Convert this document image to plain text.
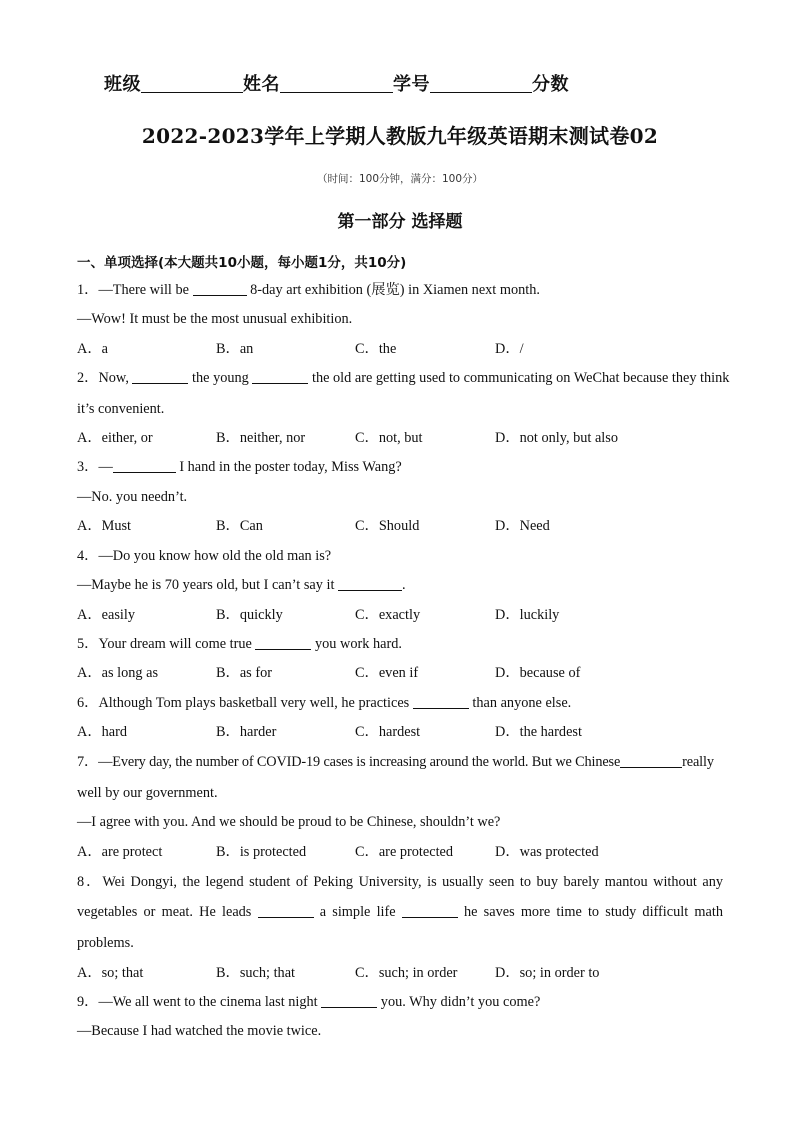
班级	姓名	学号	分数
2022-2023学年上学期人教版九年级英语期末测试卷02
（时间：100分钟，满分：100分）
第一部分 选择题
一、单项选择(本大题共10小题，每小题1分，共10分)
1．—There will be	8-day art exhibition (展览) in Xiamen next month.
—Wow! It must be the most unusual exhibition.
A．a	B．an	C．the	D．/
2．Now,	the young	the old are getting used to communicating on WeChat because they think
it’s convenient.
A．either, or	B．neither, nor	C．not, but	D．not only, but also
3．—	I hand in the poster today, Miss Wang?
—No. you needn’t.
A．Must	B．Can	C．Should	D．Need
4．—Do you know how old the old man is?
—Maybe he is 70 years old, but I can’t say it	.
A．easily	B．quickly	C．exactly	D．luckily
5．Your dream will come true	you work hard.
A．as long as	B．as for	C．even if	D．because of
6．Although Tom plays basketball very well, he practices	than anyone else.
A．hard	B．harder	C．hardest	D．the hardest
7．—Every day, the number of COVID-19 cases is increasing around the world. But we Chinese	really
well by our government.
—I agree with you. And we should be proud to be Chinese, shouldn’t we?
A．are protect	B．is protected	C．are protected	D．was protected
8．Wei Dongyi, the legend student of Peking University, is usually seen to buy barely mantou without any
vegetables or meat. He leads	a simple life	he saves more time to study difficult math
problems.
A．so; that	B．such; that	C．such; in order	D．so; in order to
9．—We all went to the cinema last night	you. Why didn’t you come?
—Because I had watched the movie twice.
